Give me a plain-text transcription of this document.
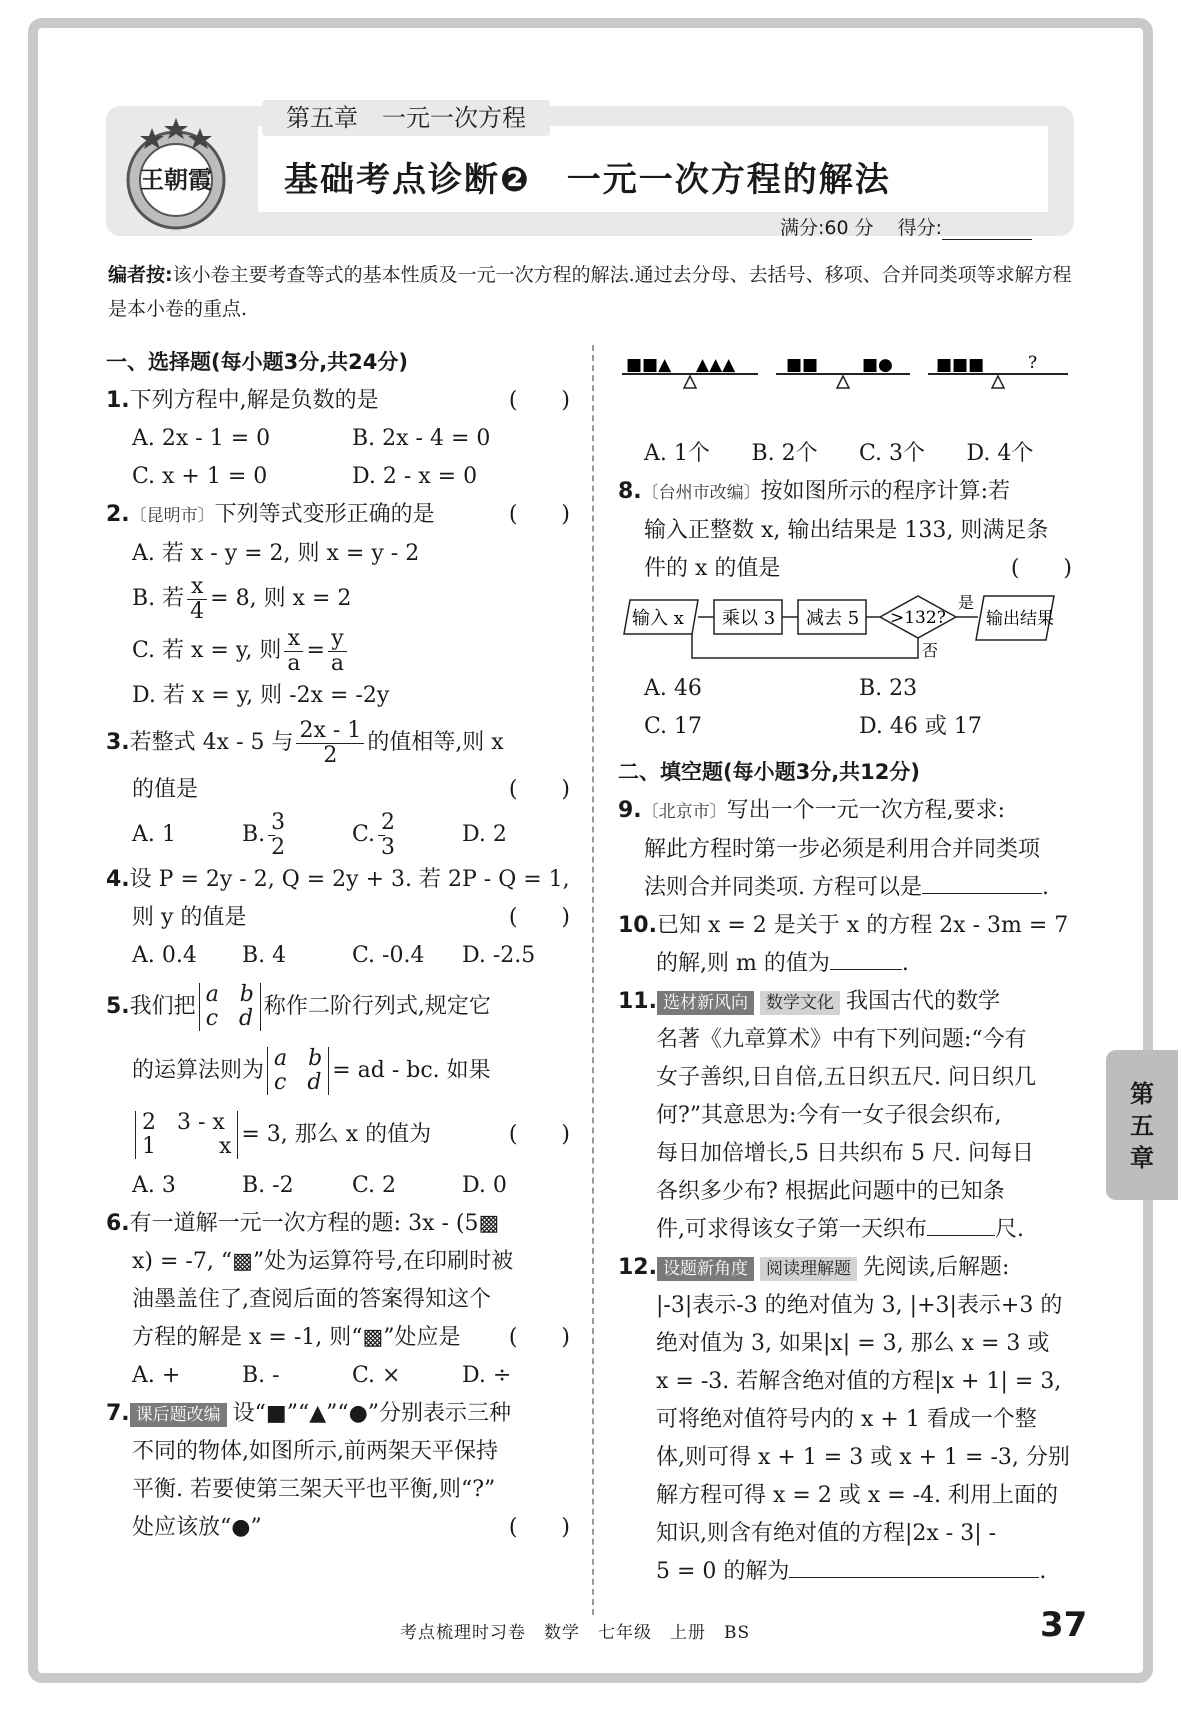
王朝霞
第五章　一元一次方程
基础考点诊断❷　一元一次方程的解法
满分:60 分 得分:
编者按:该小卷主要考查等式的基本性质及一元一次方程的解法.通过去分母、去括号、移项、合并同类项等求解方程是本小卷的重点.
一、选择题(每小题3分,共24分)
1.下列方程中,解是负数的是	(　　)
A. 2x - 1 = 0	B. 2x - 4 = 0
C. x + 1 = 0	D. 2 - x = 0
2.〔昆明市〕下列等式变形正确的是	(　　)
A. 若 x - y = 2, 则 x = y - 2
B. 若 $\frac{x}{4} = 8$, 则 x = 2
C. 若 x = y, 则 $\frac{x}{a} = \frac{y}{a}$
D. 若 x = y, 则 -2x = -2y
3.若整式 4x - 5 与 $\frac{2x - 1}{2}$ 的值相等,则 x
的值是	(　　)
A. 1	B. $\frac{3}{2}$	C. $\frac{2}{3}$	D. 2
4.设 P = 2y - 2, Q = 2y + 3. 若 2P - Q = 1,
则 y 的值是	(　　)
A. 0.4	B. 4	C. -0.4	D. -2.5
5.我们把 a b
c d 称作二阶行列式,规定它
的运算法则为 a b
c d = ad - bc. 如果
2 3 - x
1	x = 3, 那么 x 的值为	(　　)
A. 3	B. -2	C. 2	D. 0
6.有一道解一元一次方程的题: 3x - (5▩
x) = -7, “▩”处为运算符号,在印刷时被
油墨盖住了,查阅后面的答案得知这个
方程的解是 x = -1, 则“▩”处应是 (　　)
A. +	B. -	C. ×	D. ÷
7. 课后题改编 设“■”“▲”“●”分别表示三种
不同的物体,如图所示,前两架天平保持
平衡. 若要使第三架天平也平衡,则“?”
处应该放“●”	(　　)
■■▲ ▲▲▲	■■	■●	■■■	?
A. 1个	B. 2个	C. 3个	D. 4个
8.〔台州市改编〕按如图所示的程序计算:若
输入正整数 x, 输出结果是 133, 则满足条
件的 x 的值是	(　　)
输入 x 乘以 3 减去 5 >132?
是
输出结果
否
A. 46	B. 23
C. 17	D. 46 或 17
二、填空题(每小题3分,共12分)
9.〔北京市〕写出一个一元一次方程,要求:
解此方程时第一步必须是利用合并同类项
法则合并同类项. 方程可以是	.
10.已知 x = 2 是关于 x 的方程 2x - 3m = 7
的解,则 m 的值为	.
11. 选材新风向 数学文化 我国古代的数学
名著《九章算术》中有下列问题:“今有
女子善织,日自倍,五日织五尺. 问日织几
何?”其意思为:今有一女子很会织布,
每日加倍增长,5 日共织布 5 尺. 问每日
各织多少布? 根据此问题中的已知条
件,可求得该女子第一天织布	尺.
12. 设题新角度 阅读理解题 先阅读,后解题:
|-3|表示-3 的绝对值为 3, |+3|表示+3 的
绝对值为 3, 如果|x| = 3, 那么 x = 3 或
x = -3. 若解含绝对值的方程|x + 1| = 3,
可将绝对值符号内的 x + 1 看成一个整
体,则可得 x + 1 = 3 或 x + 1 = -3, 分别
解方程可得 x = 2 或 x = -4. 利用上面的
知识,则含有绝对值的方程|2x - 3| -
5 = 0 的解为	.
第五章
考点梳理时习卷　数学　七年级　上册　BS	37
